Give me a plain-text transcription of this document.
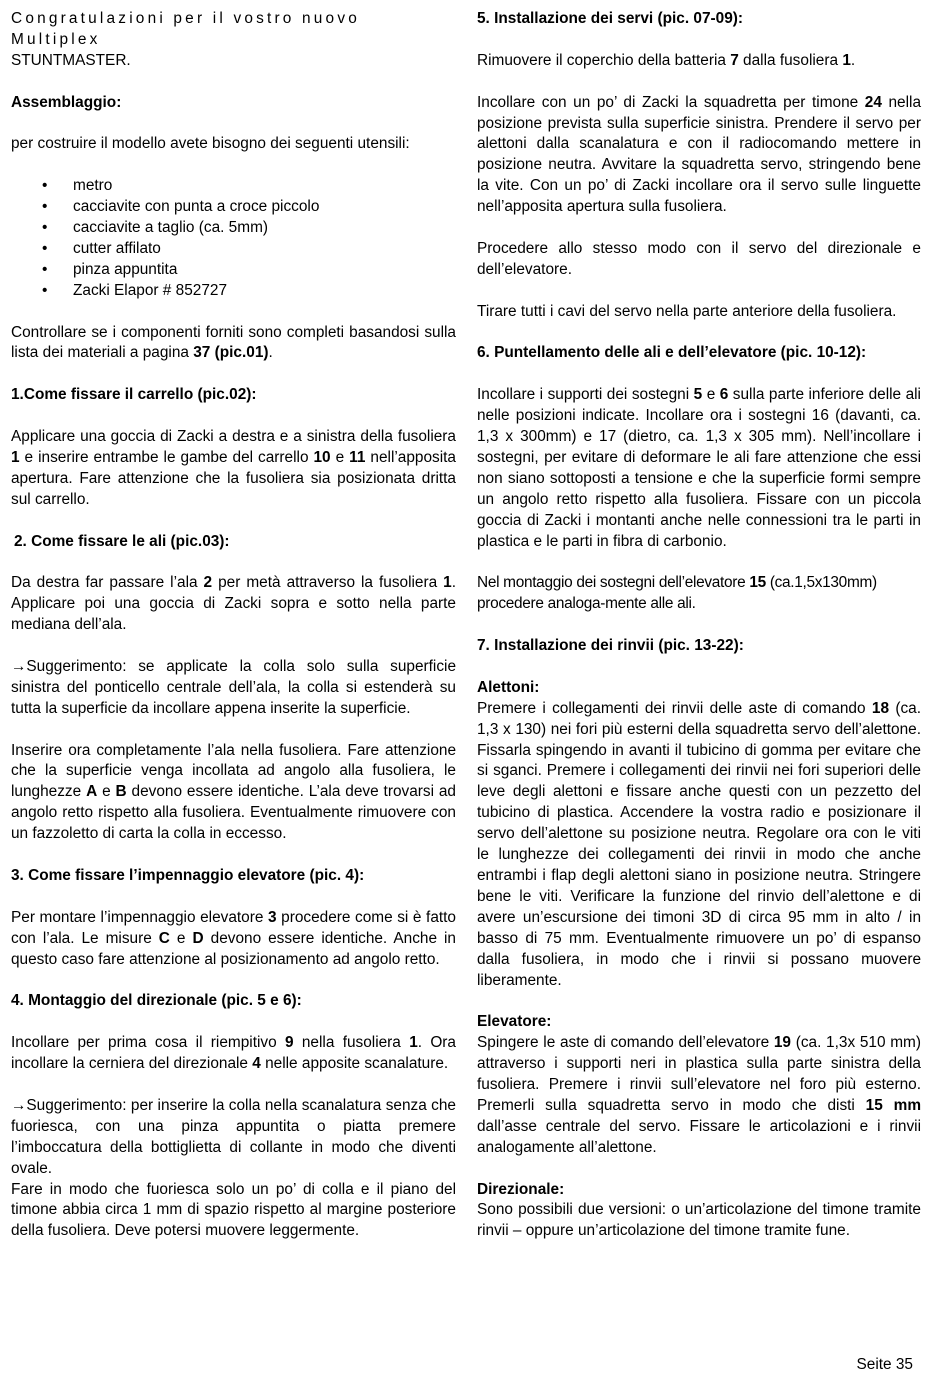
Congratulazioni per il vostro nuovo Multiplex
STUNTMASTER.

Assemblaggio:

per costruire il modello avete bisogno dei seguenti utensili:

• metro
• cacciavite con punta a croce piccolo
• cacciavite a taglio (ca. 5mm)
• cutter affilato
• pinza appuntita
• Zacki Elapor # 852727

Controllare se i componenti forniti sono completi basandosi sulla lista dei materiali a pagina 37 (pic.01).

1.Come fissare il carrello (pic.02):

Applicare una goccia di Zacki a destra e a sinistra della fusoliera 1 e inserire entrambe le gambe del carrello 10 e 11 nell’apposita apertura. Fare attenzione che la fusoliera sia posizionata dritta sul carrello.

2. Come fissare le ali (pic.03):

Da destra far passare l’ala 2 per metà attraverso la fusoliera 1. Applicare poi una goccia di Zacki sopra e sotto nella parte mediana dell’ala.

→Suggerimento: se applicate la colla solo sulla superficie sinistra del ponticello centrale dell’ala, la colla si estenderà su tutta la superficie da incollare appena inserite la superficie.

Inserire ora completamente l’ala nella fusoliera. Fare attenzione che la superficie venga incollata ad angolo alla fusoliera, le lunghezze A e B devono essere identiche. L’ala deve trovarsi ad angolo retto rispetto alla fusoliera. Eventualmente rimuovere con un fazzoletto di carta la colla in eccesso.

3. Come fissare l’impennaggio elevatore (pic. 4):

Per montare l’impennaggio elevatore 3 procedere come si è fatto con l’ala. Le misure C e D devono essere identiche. Anche in questo caso fare attenzione al posizionamento ad angolo retto.

4. Montaggio del direzionale (pic. 5 e 6):

Incollare per prima cosa il riempitivo 9 nella fusoliera 1. Ora incollare la cerniera del direzionale 4 nelle apposite scanalature.

→Suggerimento: per inserire la colla nella scanalatura senza che fuoriesca, con una pinza appuntita o piatta premere l’imboccatura della bottiglietta di collante in modo che diventi ovale.

Fare in modo che fuoriesca solo un po’ di colla e il piano del timone abbia circa 1 mm di spazio rispetto al margine posteriore della fusoliera. Deve potersi muovere leggermente.

5. Installazione dei servi (pic. 07-09):

Rimuovere il coperchio della batteria 7 dalla fusoliera 1.

Incollare con un po’ di Zacki la squadretta per timone 24 nella posizione prevista sulla superficie sinistra. Prendere il servo per alettoni dalla scanalatura e con il radiocomando mettere in posizione neutra. Avvitare la squadretta servo, stringendo bene la vite. Con un po’ di Zacki incollare ora il servo sulle linguette nell’apposita apertura sulla fusoliera.

Procedere allo stesso modo con il servo del direzionale e dell’elevatore.

Tirare tutti i cavi del servo nella parte anteriore della fusoliera.

6. Puntellamento delle ali e dell’elevatore (pic. 10-12):

Incollare i supporti dei sostegni 5 e 6 sulla parte inferiore delle ali nelle posizioni indicate. Incollare ora i sostegni 16 (davanti, ca. 1,3 x 300mm) e 17 (dietro, ca. 1,3 x 305 mm). Nell’incollare i sostegni, per evitare di deformare le ali fare attenzione che essi non siano sottoposti a tensione e che la superficie formi sempre un angolo retto rispetto alla fusoliera. Fissare con un piccola goccia di Zacki i montanti anche nelle connessioni tra le parti in plastica e le parti in fibra di carbonio.

Nel montaggio dei sostegni dell’elevatore 15 (ca.1,5x130mm) procedere analoga-mente alle ali.

7. Installazione dei rinvii (pic. 13-22):
Alettoni:

Premere i collegamenti dei rinvii delle aste di comando 18 (ca. 1,3 x 130) nei fori più esterni della squadretta servo dell’alettone. Fissarla spingendo in avanti il tubicino di gomma per evitare che si sganci. Premere i collegamenti dei rinvii nei fori superiori delle leve degli alettoni e fissare anche questi con un pezzetto del tubicino di plastica. Accendere la vostra radio e posizionare il servo dell’alettone su posizione neutra. Regolare ora con le viti le lunghezze dei collegamenti dei rinvii in modo che anche entrambi i flap degli alettoni siano in posizione neutra. Stringere bene le viti. Verificare la funzione del rinvio dell’alettone e di avere un’escursione dei timoni 3D di circa 95 mm in alto / in basso di 75 mm. Eventualmente rimuovere un po’ di espanso dalla fusoliera, in modo che i rinvii si possano muovere liberamente.

Elevatore:

Spingere le aste di comando dell’elevatore 19 (ca. 1,3x 510 mm) attraverso i supporti neri in plastica sulla parte sinistra della fusoliera. Premere i rinvii sull’elevatore nel foro più esterno. Premerli sulla squadretta servo in modo che disti 15 mm dall’asse centrale del servo. Fissare le articolazioni e i rinvii analogamente all’alettone.

Direzionale:

Sono possibili due versioni: o un’articolazione del timone tramite rinvii – oppure un’articolazione del timone tramite fune.

Seite 35
